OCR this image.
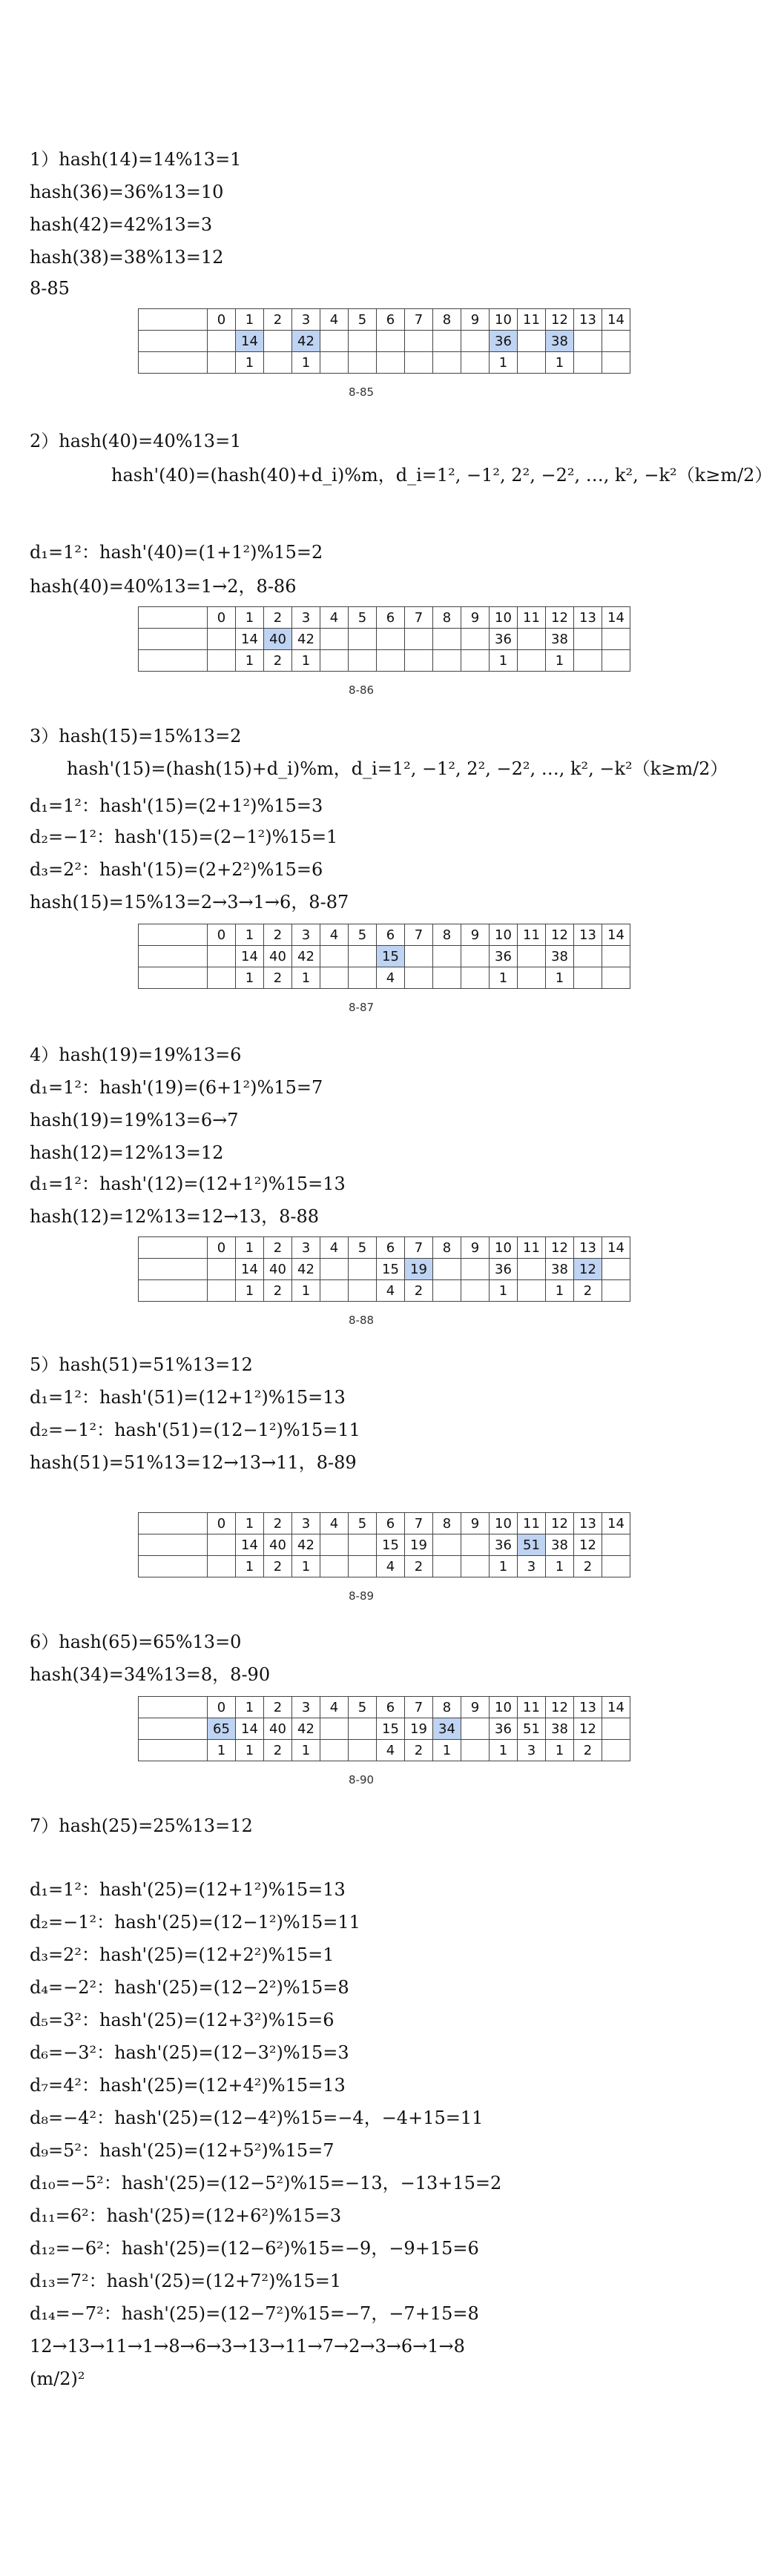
1）hash(14)=14%13=1
hash(36)=36%13=10
hash(42)=42%13=3
hash(38)=38%13=12
8-85
2）hash(40)=40%13=1
hash'(40)=(hash(40)+d_i)%m，d_i=1², −1², 2², −2², …, k², −k²（k≥m/2）
d₁=1²：hash'(40)=(1+1²)%15=2
hash(40)=40%13=1→2，8-86
3）hash(15)=15%13=2
hash'(15)=(hash(15)+d_i)%m，d_i=1², −1², 2², −2², …, k², −k²（k≥m/2）
d₁=1²：hash'(15)=(2+1²)%15=3
d₂=−1²：hash'(15)=(2−1²)%15=1
d₃=2²：hash'(15)=(2+2²)%15=6
hash(15)=15%13=2→3→1→6，8-87
4）hash(19)=19%13=6
d₁=1²：hash'(19)=(6+1²)%15=7
hash(19)=19%13=6→7
hash(12)=12%13=12
d₁=1²：hash'(12)=(12+1²)%15=13
hash(12)=12%13=12→13，8-88
5）hash(51)=51%13=12
d₁=1²：hash'(51)=(12+1²)%15=13
d₂=−1²：hash'(51)=(12−1²)%15=11
hash(51)=51%13=12→13→11，8-89
6）hash(65)=65%13=0
hash(34)=34%13=8，8-90
7）hash(25)=25%13=12
d₁=1²：hash'(25)=(12+1²)%15=13
d₂=−1²：hash'(25)=(12−1²)%15=11
d₃=2²：hash'(25)=(12+2²)%15=1
d₄=−2²：hash'(25)=(12−2²)%15=8
d₅=3²：hash'(25)=(12+3²)%15=6
d₆=−3²：hash'(25)=(12−3²)%15=3
d₇=4²：hash'(25)=(12+4²)%15=13
d₈=−4²：hash'(25)=(12−4²)%15=−4，−4+15=11
d₉=5²：hash'(25)=(12+5²)%15=7
d₁₀=−5²：hash'(25)=(12−5²)%15=−13，−13+15=2
d₁₁=6²：hash'(25)=(12+6²)%15=3
d₁₂=−6²：hash'(25)=(12−6²)%15=−9，−9+15=6
d₁₃=7²：hash'(25)=(12+7²)%15=1
d₁₄=−7²：hash'(25)=(12−7²)%15=−7，−7+15=8
12→13→11→1→8→6→3→13→11→7→2→3→6→1→8
(m/2)²
	0	1	2	3	4	5	6	7	8	9	10	11	12	13	14
		14		42							36		38		
		1		1							1		1		
8-85
	0	1	2	3	4	5	6	7	8	9	10	11	12	13	14
		14	40	42							36		38		
		1	2	1							1		1		
8-86
	0	1	2	3	4	5	6	7	8	9	10	11	12	13	14
		14	40	42			15				36		38		
		1	2	1			4				1		1		
8-87
	0	1	2	3	4	5	6	7	8	9	10	11	12	13	14
		14	40	42			15	19			36		38	12	
		1	2	1			4	2			1		1	2	
8-88
	0	1	2	3	4	5	6	7	8	9	10	11	12	13	14
		14	40	42			15	19			36	51	38	12	
		1	2	1			4	2			1	3	1	2	
8-89
	0	1	2	3	4	5	6	7	8	9	10	11	12	13	14
	65	14	40	42			15	19	34		36	51	38	12	
	1	1	2	1			4	2	1		1	3	1	2	
8-90
